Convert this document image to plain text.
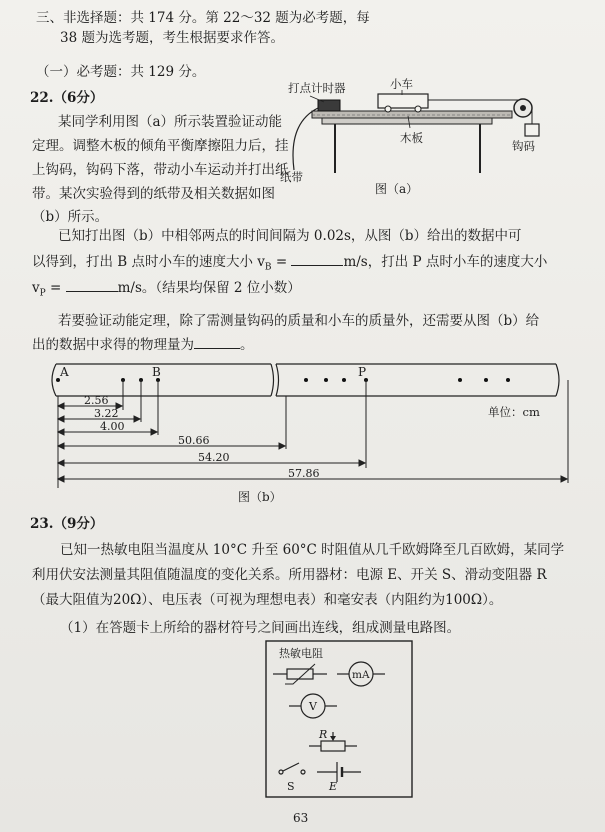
三、非选择题：共 174 分。第 22～32 题为必考题，每
38 题为选考题，考生根据要求作答。
（一）必考题：共 129 分。
22.（6分）
某同学利用图（a）所示装置验证动能
定理。调整木板的倾角平衡摩擦阻力后，挂
上钩码，钩码下落，带动小车运动并打出纸
带。某次实验得到的纸带及相关数据如图
（b）所示。
打点计时器	小车
纸带
木板
钩码
图（a）
已知打出图（b）中相邻两点的时间间隔为 0.02s，从图（b）给出的数据中可
以得到，打出 B 点时小车的速度大小 $v_B$ =	m/s，打出 P 点时小车的速度大小
$v_P$ =	m/s。（结果均保留 2 位小数）
若要验证动能定理，除了需测量钩码的质量和小车的质量外，还需要从图（b）给
出的数据中求得的物理量为	。
A	B	P
2.56
3.22
4.00
50.66
54.20
57.86
单位：cm
图（b）
23.（9分）
已知一热敏电阻当温度从 10°C 升至 60°C 时阻值从几千欧姆降至几百欧姆，某同学
利用伏安法测量其阻值随温度的变化关系。所用器材：电源 E、开关 S、滑动变阻器 R
（最大阻值为20Ω）、电压表（可视为理想电表）和毫安表（内阻约为100Ω）。
（1）在答题卡上所给的器材符号之间画出连线，组成测量电路图。
热敏电阻
mA
V
R
S	E
63
